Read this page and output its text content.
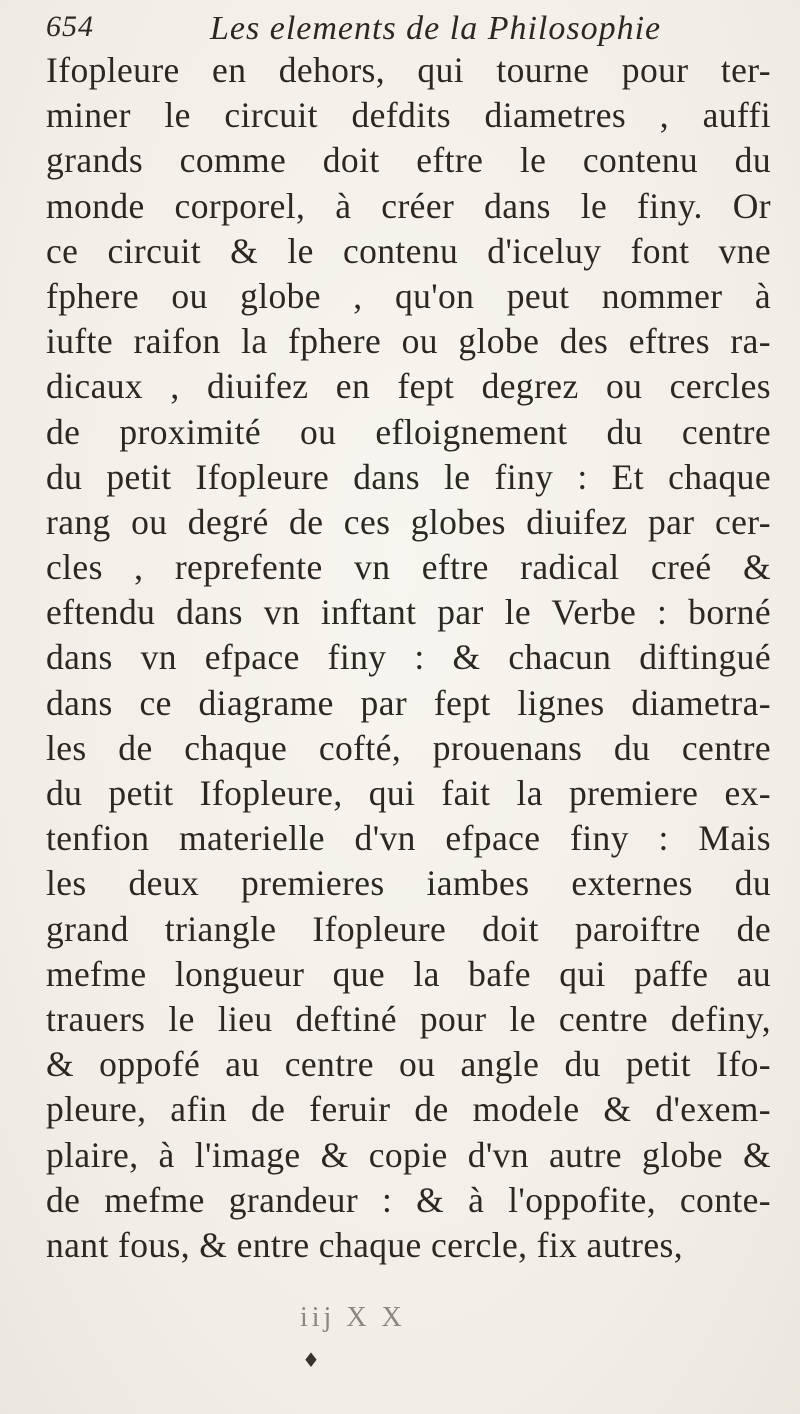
654	Les elements de la Philosophie
Ifopleure en dehors, qui tourne pour ter-
miner le circuit defdits diametres , auffi
grands comme doit eftre le contenu du
monde corporel, à créer dans le finy. Or
ce circuit & le contenu d'iceluy font vne
fphere ou globe , qu'on peut nommer à
iufte raifon la fphere ou globe des eftres ra-
dicaux , diuifez en fept degrez ou cercles
de proximité ou efloignement du centre
du petit Ifopleure dans le finy : Et chaque
rang ou degré de ces globes diuifez par cer-
cles , reprefente vn eftre radical creé &
eftendu dans vn inftant par le Verbe : borné
dans vn efpace finy : & chacun diftingué
dans ce diagrame par fept lignes diametra-
les de chaque cofté, prouenans du centre
du petit Ifopleure, qui fait la premiere ex-
tenfion materielle d'vn efpace finy : Mais
les deux premieres iambes externes du
grand triangle Ifopleure doit paroiftre de
mefme longueur que la bafe qui paffe au
trauers le lieu deftiné pour le centre definy,
& oppofé au centre ou angle du petit Ifo-
pleure, afin de feruir de modele & d'exem-
plaire, à l'image & copie d'vn autre globe &
de mefme grandeur : & à l'oppofite, conte-
nant fous, & entre chaque cercle, fix autres,
iij X X
♦
